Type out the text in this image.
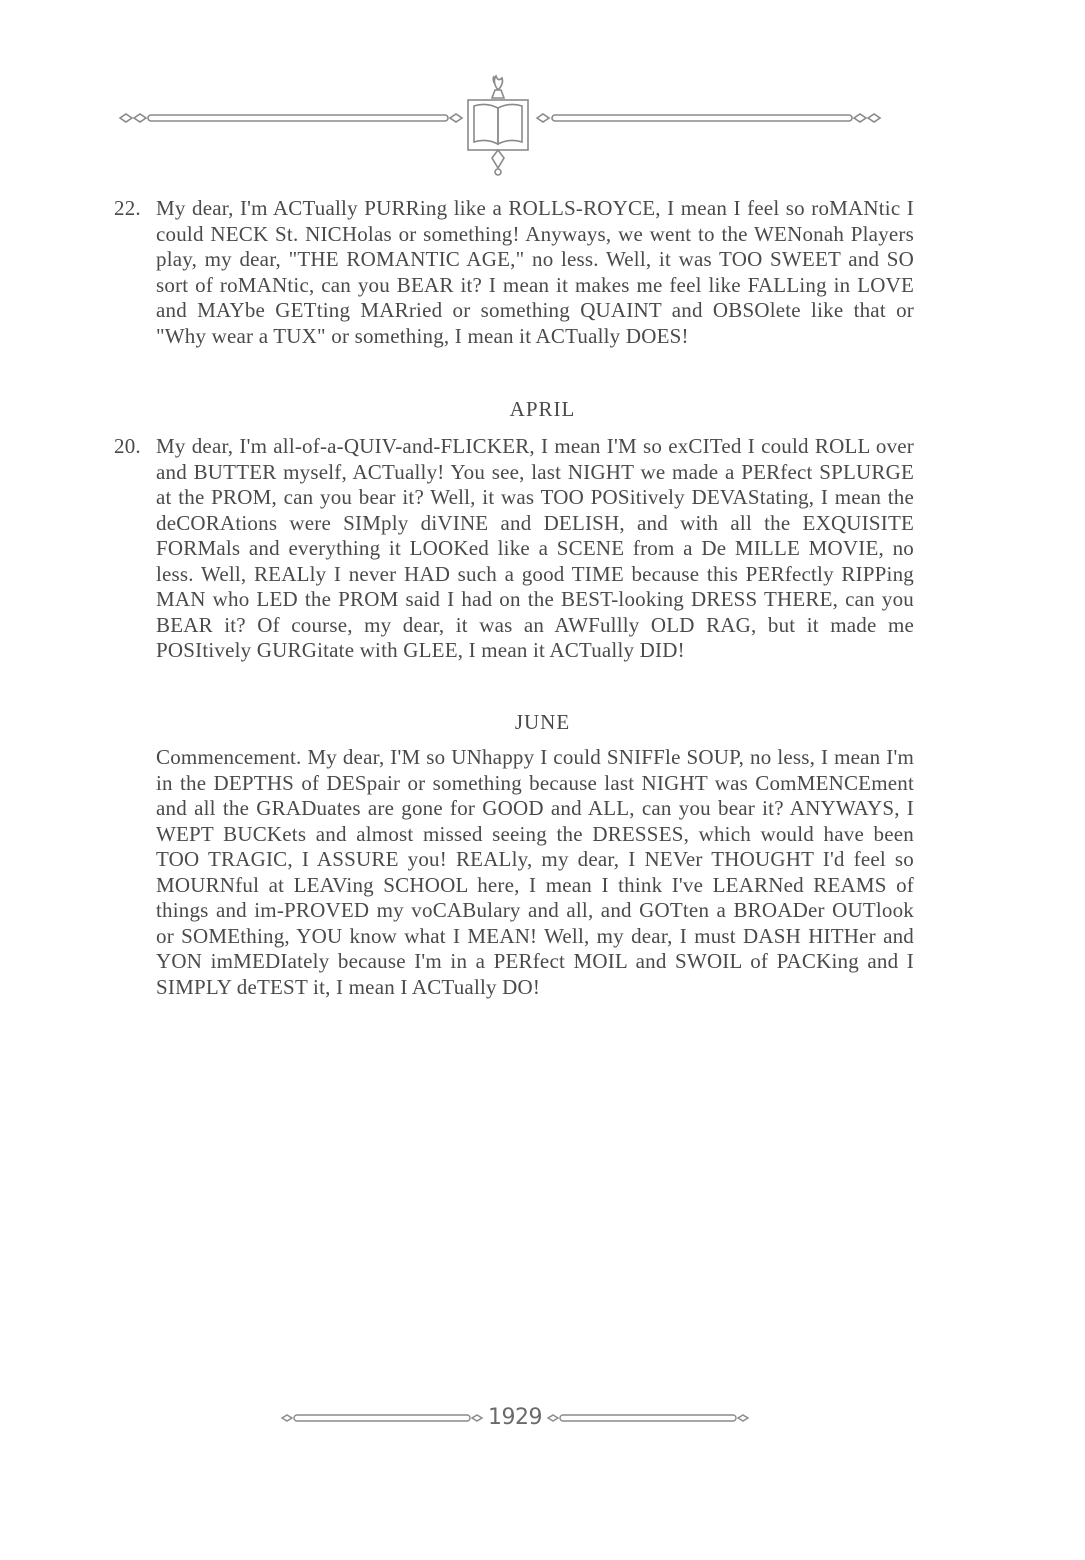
22. My dear, I'm ACTually PURRing like a ROLLS-ROYCE, I mean I feel so roMANtic I could NECK St. NICHolas or something! Anyways, we went to the WENonah Players play, my dear, "THE ROMANTIC AGE," no less. Well, it was TOO SWEET and SO sort of roMANtic, can you BEAR it? I mean it makes me feel like FALLing in LOVE and MAYbe GETting MARried or something QUAINT and OBSOlete like that or "Why wear a TUX" or something, I mean it ACTually DOES!

APRIL

20. My dear, I'm all-of-a-QUIV-and-FLICKER, I mean I'M so exCITed I could ROLL over and BUTTER myself, ACTually! You see, last NIGHT we made a PERfect SPLURGE at the PROM, can you bear it? Well, it was TOO POSitively DEVAStating, I mean the deCORAtions were SIMply diVINE and DELISH, and with all the EXQUISITE FORMals and everything it LOOKed like a SCENE from a De MILLE MOVIE, no less. Well, REALly I never HAD such a good TIME because this PERfectly RIPPing MAN who LED the PROM said I had on the BEST-looking DRESS THERE, can you BEAR it? Of course, my dear, it was an AWFullly OLD RAG, but it made me POSItively GURGitate with GLEE, I mean it ACTually DID!

JUNE

Commencement. My dear, I'M so UNhappy I could SNIFFle SOUP, no less, I mean I'm in the DEPTHS of DESpair or something because last NIGHT was ComMENCEment and all the GRADuates are gone for GOOD and ALL, can you bear it? ANYWAYS, I WEPT BUCKets and almost missed seeing the DRESSES, which would have been TOO TRAGIC, I ASSURE you! REALly, my dear, I NEVer THOUGHT I'd feel so MOURNful at LEAVing SCHOOL here, I mean I think I've LEARNed REAMS of things and im-PROVED my voCABulary and all, and GOTten a BROADer OUTlook or SOMEthing, YOU know what I MEAN! Well, my dear, I must DASH HITHer and YON imMEDIately because I'm in a PERfect MOIL and SWOIL of PACKing and I SIMPLY deTEST it, I mean I ACTually DO!

1929
